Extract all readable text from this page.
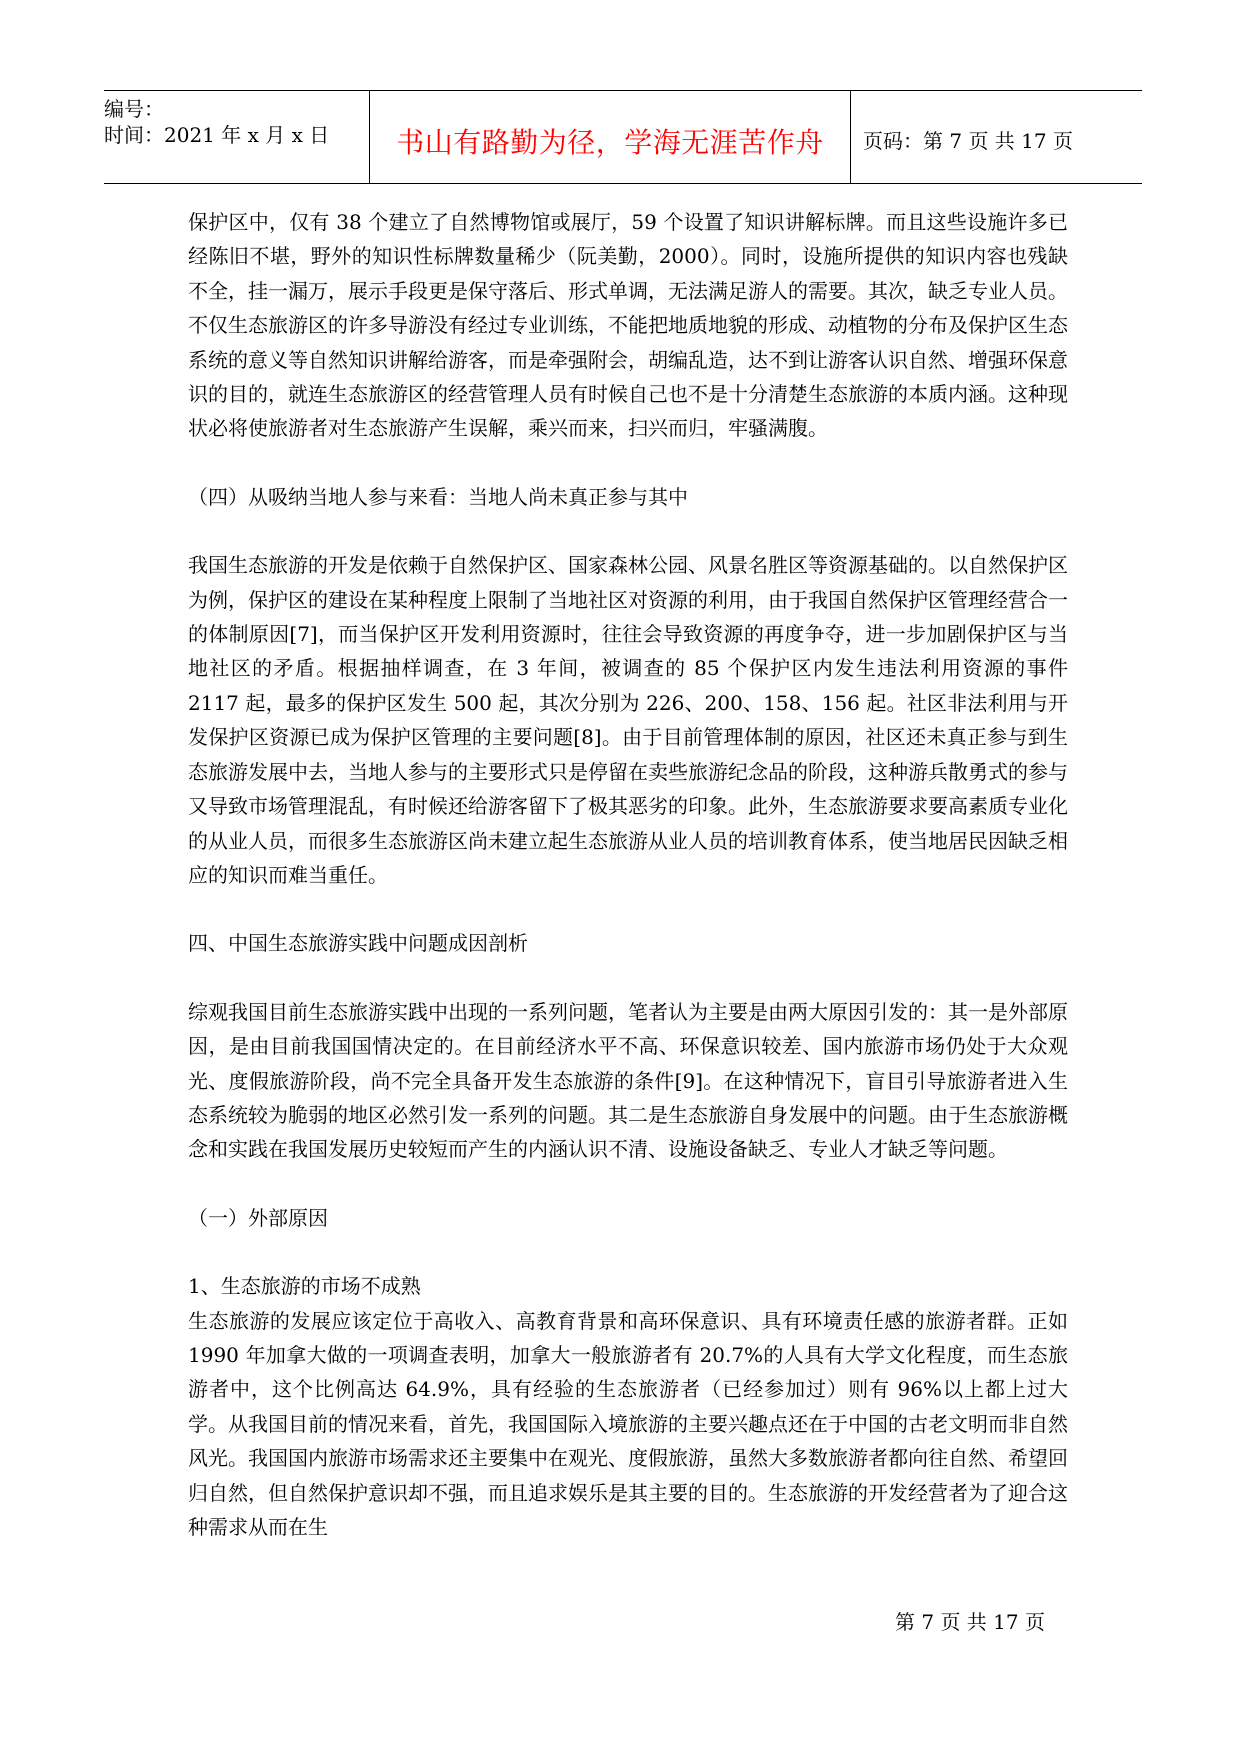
编号：
时间：2021 年 x 月 x 日	书山有路勤为径，学海无涯苦作舟	页码：第 7 页 共 17 页

保护区中，仅有 38 个建立了自然博物馆或展厅，59 个设置了知识讲解标牌。而且这些设施许多已经陈旧不堪，野外的知识性标牌数量稀少（阮美勤，2000）。同时，设施所提供的知识内容也残缺不全，挂一漏万，展示手段更是保守落后、形式单调，无法满足游人的需要。其次，缺乏专业人员。不仅生态旅游区的许多导游没有经过专业训练，不能把地质地貌的形成、动植物的分布及保护区生态系统的意义等自然知识讲解给游客，而是牵强附会，胡编乱造，达不到让游客认识自然、增强环保意识的目的，就连生态旅游区的经营管理人员有时候自己也不是十分清楚生态旅游的本质内涵。这种现状必将使旅游者对生态旅游产生误解，乘兴而来，扫兴而归，牢骚满腹。

（四）从吸纳当地人参与来看：当地人尚未真正参与其中

我国生态旅游的开发是依赖于自然保护区、国家森林公园、风景名胜区等资源基础的。以自然保护区为例，保护区的建设在某种程度上限制了当地社区对资源的利用，由于我国自然保护区管理经营合一的体制原因[7]，而当保护区开发利用资源时，往往会导致资源的再度争夺，进一步加剧保护区与当地社区的矛盾。根据抽样调查，在 3 年间，被调查的 85 个保护区内发生违法利用资源的事件 2117 起，最多的保护区发生 500 起，其次分别为 226、200、158、156 起。社区非法利用与开发保护区资源已成为保护区管理的主要问题[8]。由于目前管理体制的原因，社区还未真正参与到生态旅游发展中去，当地人参与的主要形式只是停留在卖些旅游纪念品的阶段，这种游兵散勇式的参与又导致市场管理混乱，有时候还给游客留下了极其恶劣的印象。此外，生态旅游要求要高素质专业化的从业人员，而很多生态旅游区尚未建立起生态旅游从业人员的培训教育体系，使当地居民因缺乏相应的知识而难当重任。

四、中国生态旅游实践中问题成因剖析

综观我国目前生态旅游实践中出现的一系列问题，笔者认为主要是由两大原因引发的：其一是外部原因，是由目前我国国情决定的。在目前经济水平不高、环保意识较差、国内旅游市场仍处于大众观光、度假旅游阶段，尚不完全具备开发生态旅游的条件[9]。在这种情况下，盲目引导旅游者进入生态系统较为脆弱的地区必然引发一系列的问题。其二是生态旅游自身发展中的问题。由于生态旅游概念和实践在我国发展历史较短而产生的内涵认识不清、设施设备缺乏、专业人才缺乏等问题。

（一）外部原因

1、生态旅游的市场不成熟

生态旅游的发展应该定位于高收入、高教育背景和高环保意识、具有环境责任感的旅游者群。正如 1990 年加拿大做的一项调查表明，加拿大一般旅游者有 20.7%的人具有大学文化程度，而生态旅游者中，这个比例高达 64.9%，具有经验的生态旅游者（已经参加过）则有 96%以上都上过大学。从我国目前的情况来看，首先，我国国际入境旅游的主要兴趣点还在于中国的古老文明而非自然风光。我国国内旅游市场需求还主要集中在观光、度假旅游，虽然大多数旅游者都向往自然、希望回归自然，但自然保护意识却不强，而且追求娱乐是其主要的目的。生态旅游的开发经营者为了迎合这种需求从而在生

第 7 页 共 17 页
